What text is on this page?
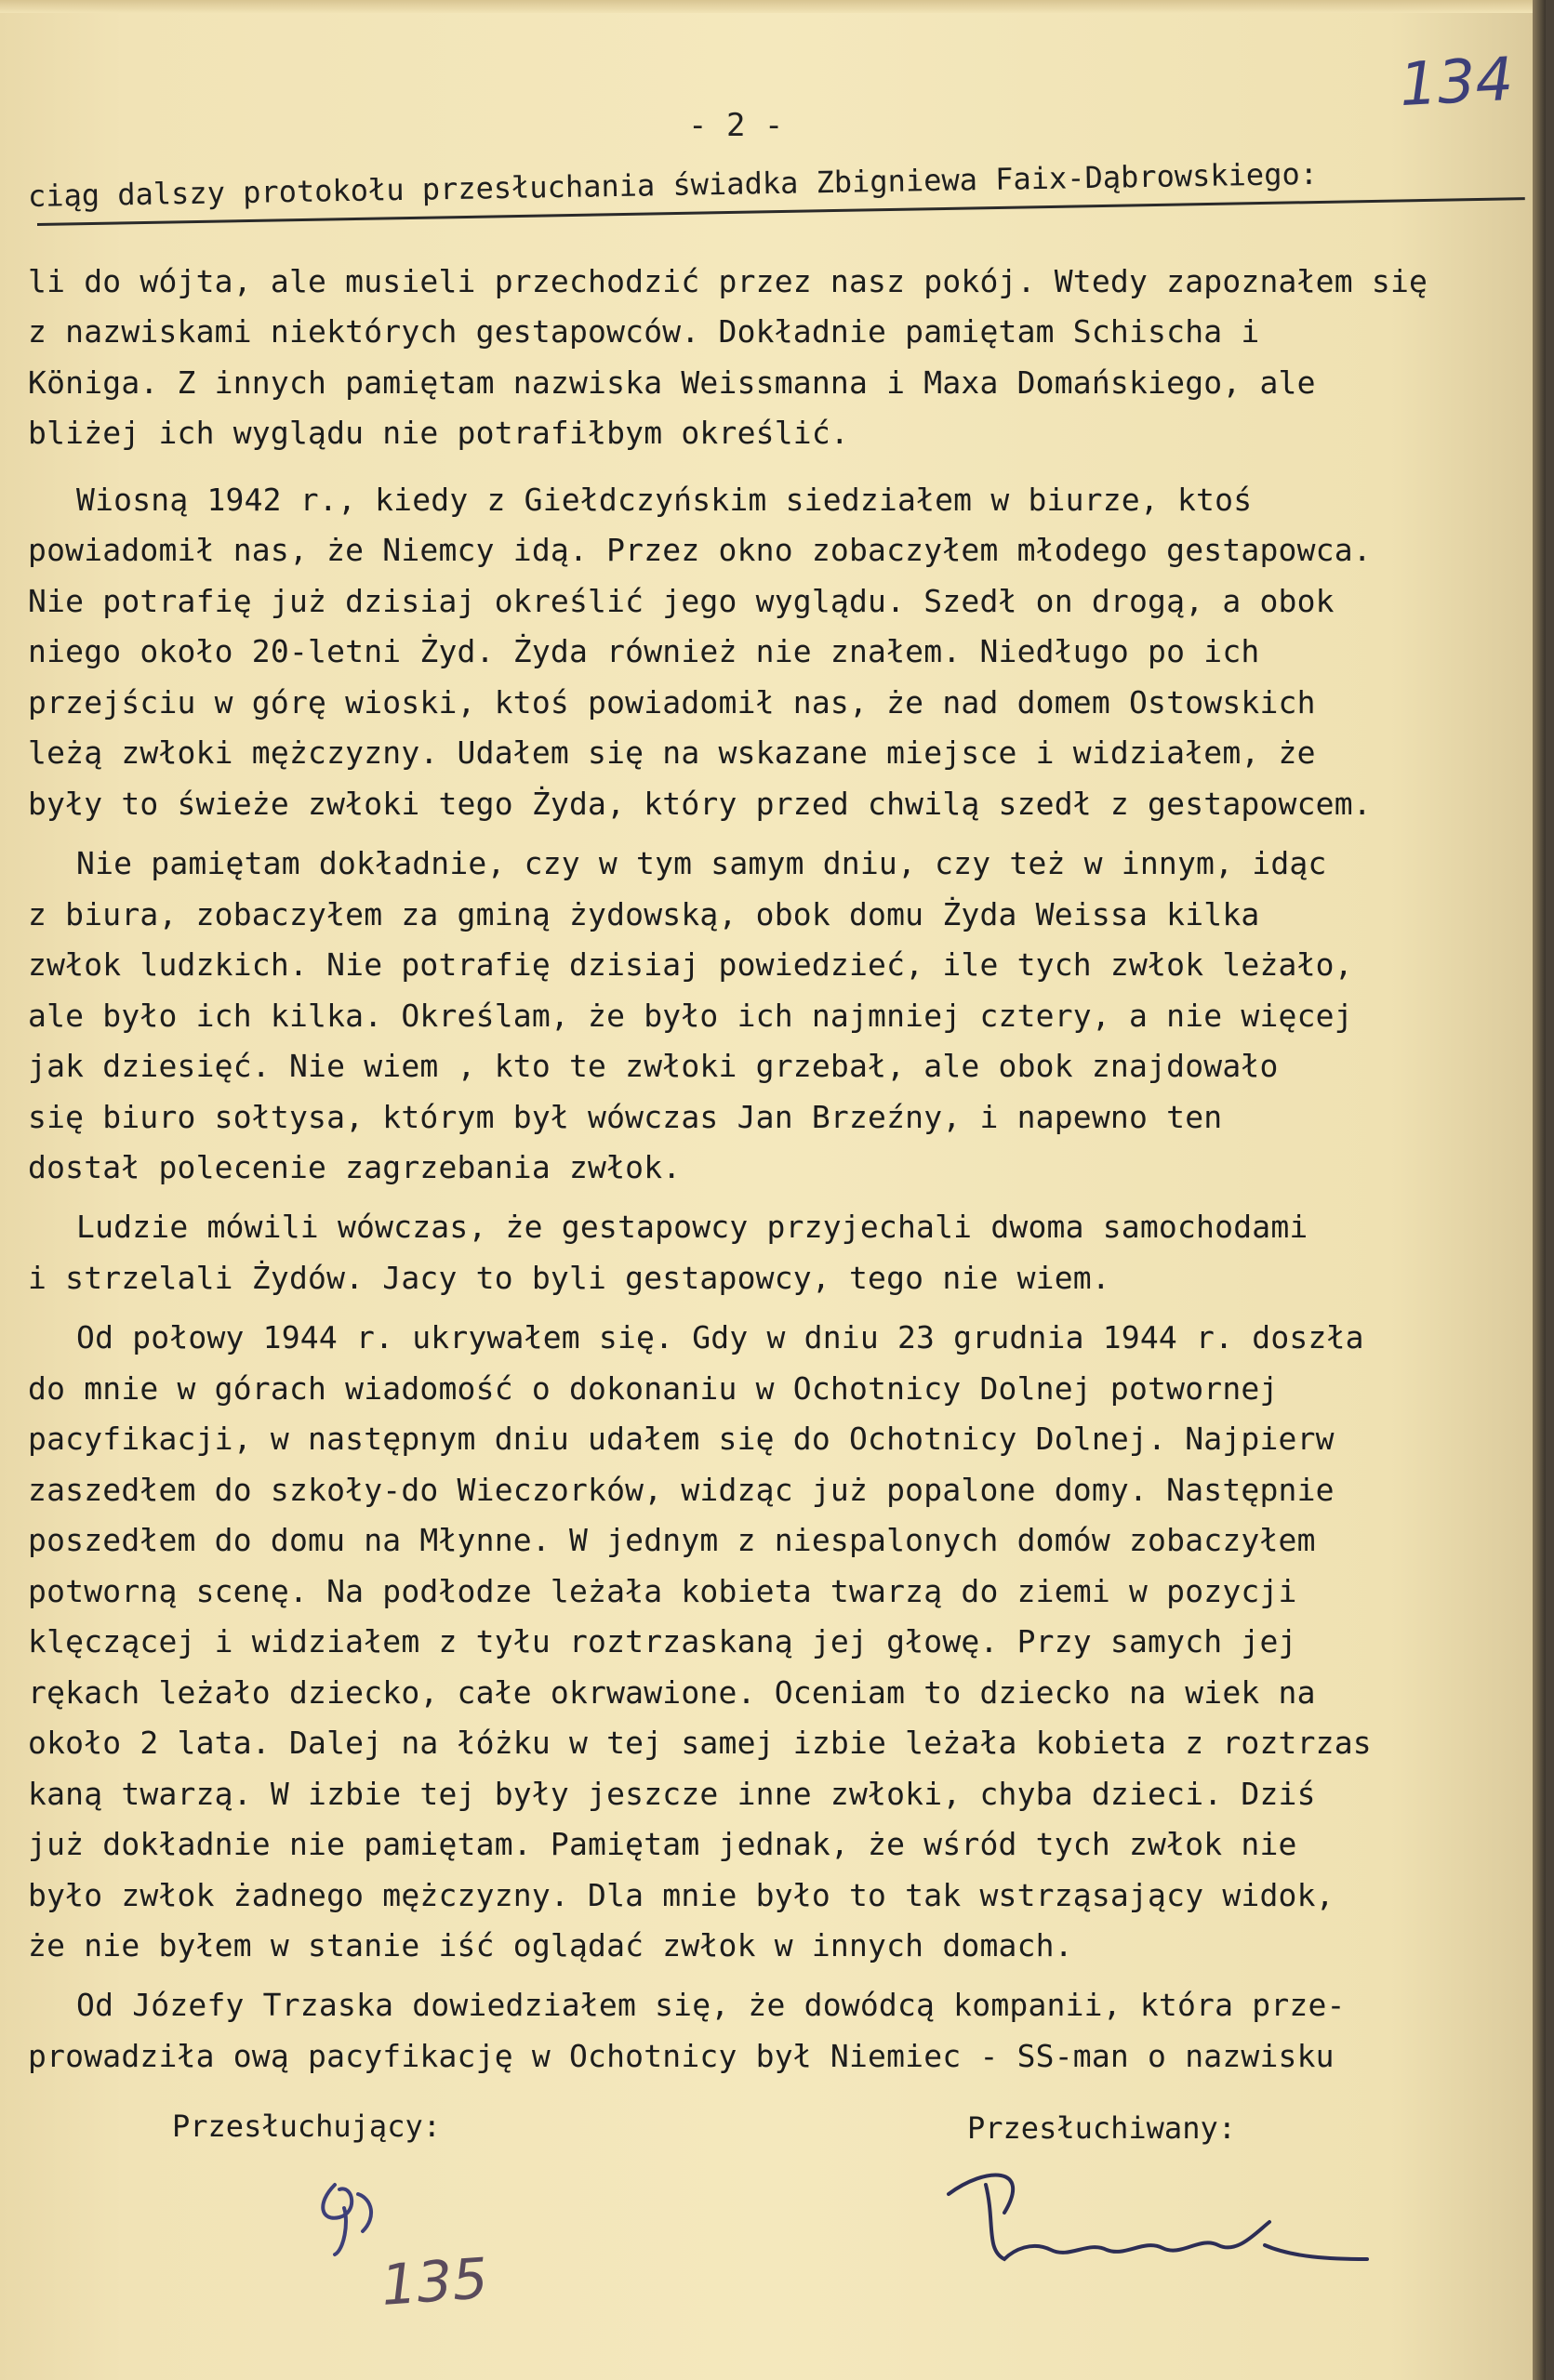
134
- 2 -
ciąg dalszy protokołu przesłuchania świadka Zbigniewa Faix-Dąbrowskiego:
li do wójta, ale musieli przechodzić przez nasz pokój. Wtedy zapoznałem się
z nazwiskami niektórych gestapowców. Dokładnie pamiętam Schischa i
Königa. Z innych pamiętam nazwiska Weissmanna i Maxa Domańskiego, ale
bliżej ich wyglądu nie potrafiłbym określić.
Wiosną 1942 r., kiedy z Giełdczyńskim siedziałem w biurze, ktoś
powiadomił nas, że Niemcy idą. Przez okno zobaczyłem młodego gestapowca.
Nie potrafię już dzisiaj określić jego wyglądu. Szedł on drogą, a obok
niego około 20-letni Żyd. Żyda również nie znałem. Niedługo po ich
przejściu w górę wioski, ktoś powiadomił nas, że nad domem Ostowskich
leżą zwłoki mężczyzny. Udałem się na wskazane miejsce i widziałem, że
były to świeże zwłoki tego Żyda, który przed chwilą szedł z gestapowcem.
Nie pamiętam dokładnie, czy w tym samym dniu, czy też w innym, idąc
z biura, zobaczyłem za gminą żydowską, obok domu Żyda Weissa kilka
zwłok ludzkich. Nie potrafię dzisiaj powiedzieć, ile tych zwłok leżało,
ale było ich kilka. Określam, że było ich najmniej cztery, a nie więcej
jak dziesięć. Nie wiem , kto te zwłoki grzebał, ale obok znajdowało
się biuro sołtysa, którym był wówczas Jan Brzeźny, i napewno ten
dostał polecenie zagrzebania zwłok.
Ludzie mówili wówczas, że gestapowcy przyjechali dwoma samochodami
i strzelali Żydów. Jacy to byli gestapowcy, tego nie wiem.
Od połowy 1944 r. ukrywałem się. Gdy w dniu 23 grudnia 1944 r. doszła
do mnie w górach wiadomość o dokonaniu w Ochotnicy Dolnej potwornej
pacyfikacji, w następnym dniu udałem się do Ochotnicy Dolnej. Najpierw
zaszedłem do szkoły-do Wieczorków, widząc już popalone domy. Następnie
poszedłem do domu na Młynne. W jednym z niespalonych domów zobaczyłem
potworną scenę. Na podłodze leżała kobieta twarzą do ziemi w pozycji
klęczącej i widziałem z tyłu roztrzaskaną jej głowę. Przy samych jej
rękach leżało dziecko, całe okrwawione. Oceniam to dziecko na wiek na
około 2 lata. Dalej na łóżku w tej samej izbie leżała kobieta z roztrzas
kaną twarzą. W izbie tej były jeszcze inne zwłoki, chyba dzieci. Dziś
już dokładnie nie pamiętam. Pamiętam jednak, że wśród tych zwłok nie
było zwłok żadnego mężczyzny. Dla mnie było to tak wstrząsający widok,
że nie byłem w stanie iść oglądać zwłok w innych domach.
Od Józefy Trzaska dowiedziałem się, że dowódcą kompanii, która prze-
prowadziła ową pacyfikację w Ochotnicy był Niemiec - SS-man o nazwisku
Przesłuchujący:	Przesłuchiwany:
135
